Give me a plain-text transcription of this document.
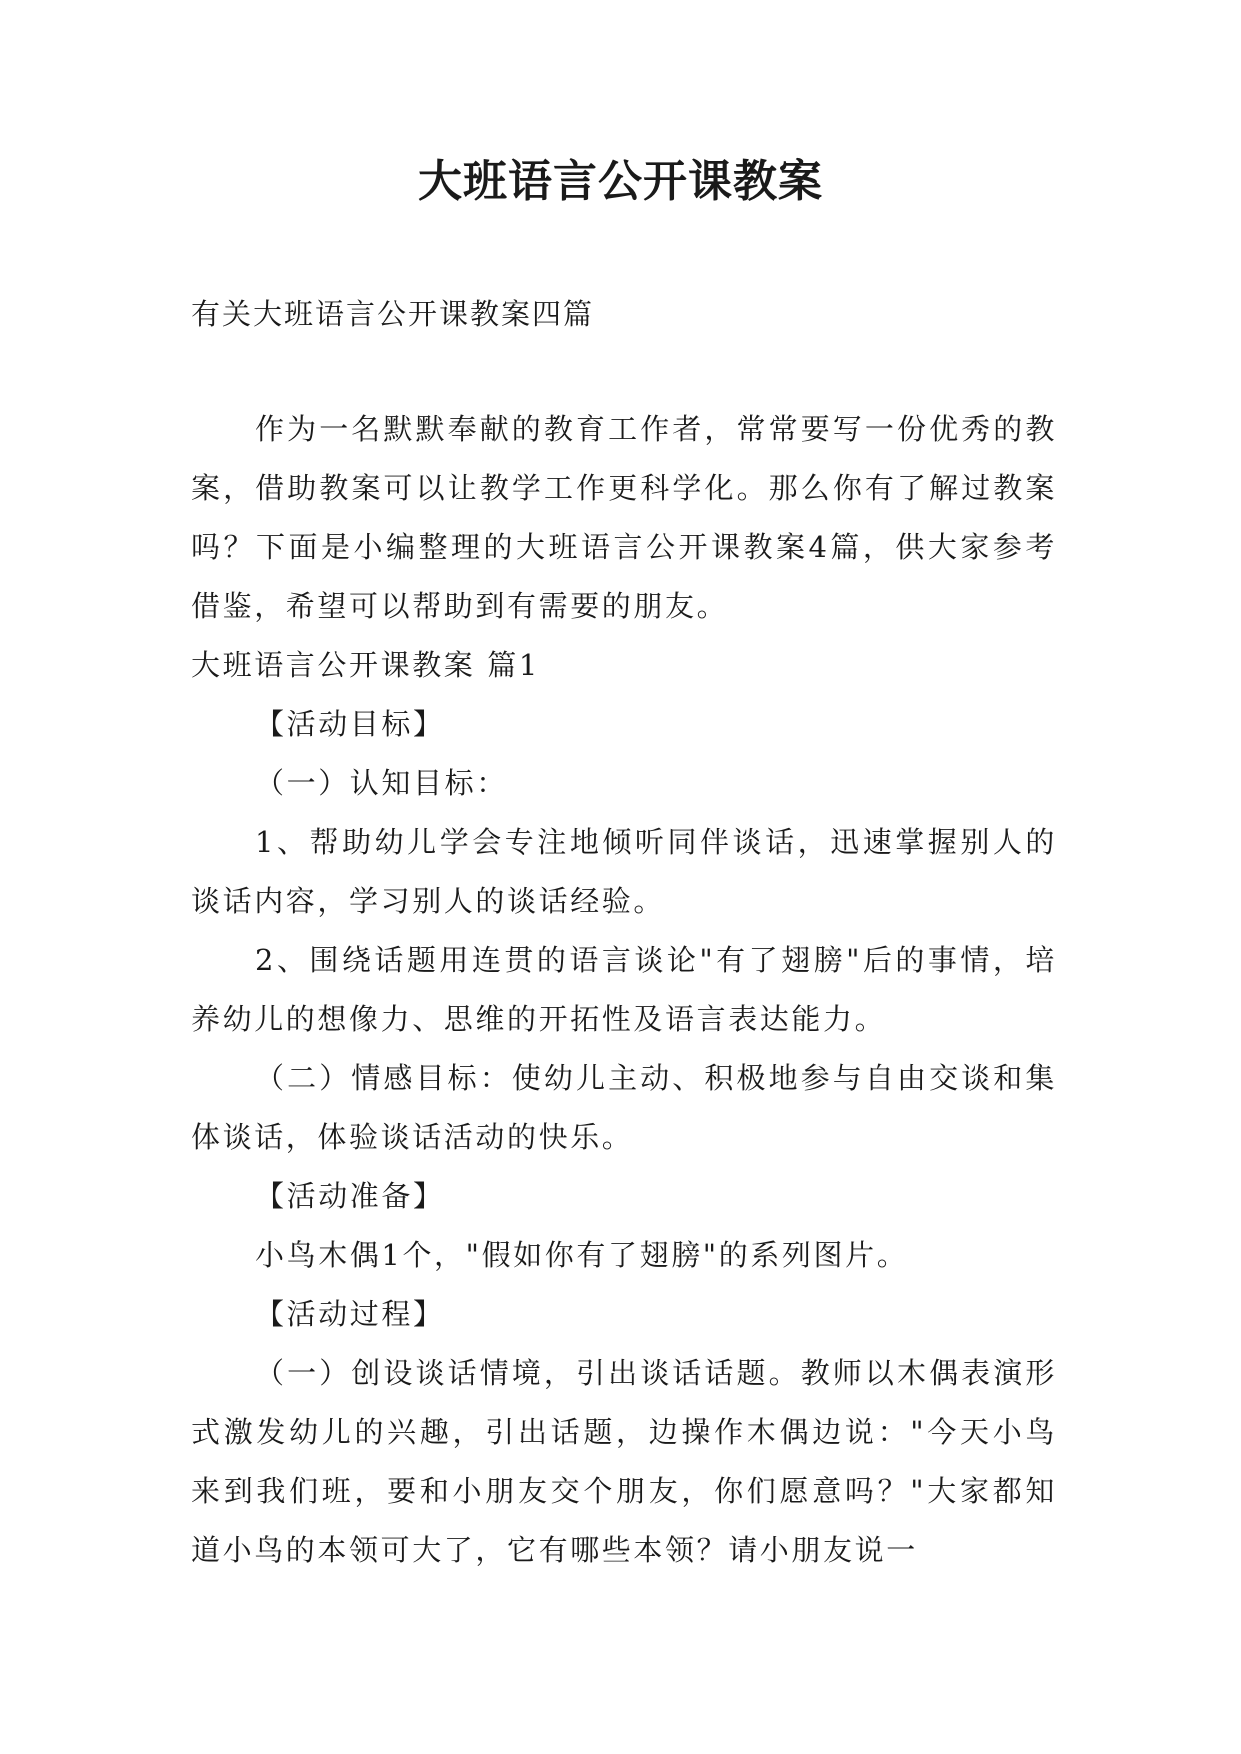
大班语言公开课教案
有关大班语言公开课教案四篇

作为一名默默奉献的教育工作者，常常要写一份优秀的教案，借助教案可以让教学工作更科学化。那么你有了解过教案吗？下面是小编整理的大班语言公开课教案4篇，供大家参考借鉴，希望可以帮助到有需要的朋友。

大班语言公开课教案 篇1

【活动目标】

（一）认知目标：

1、帮助幼儿学会专注地倾听同伴谈话，迅速掌握别人的谈话内容，学习别人的谈话经验。

2、围绕话题用连贯的语言谈论"有了翅膀"后的事情，培养幼儿的想像力、思维的开拓性及语言表达能力。

（二）情感目标：使幼儿主动、积极地参与自由交谈和集体谈话，体验谈话活动的快乐。

【活动准备】

小鸟木偶1个，"假如你有了翅膀"的系列图片。

【活动过程】

（一）创设谈话情境，引出谈话话题。教师以木偶表演形式激发幼儿的兴趣，引出话题，边操作木偶边说："今天小鸟来到我们班，要和小朋友交个朋友，你们愿意吗？"大家都知道小鸟的本领可大了，它有哪些本领？请小朋友说一
